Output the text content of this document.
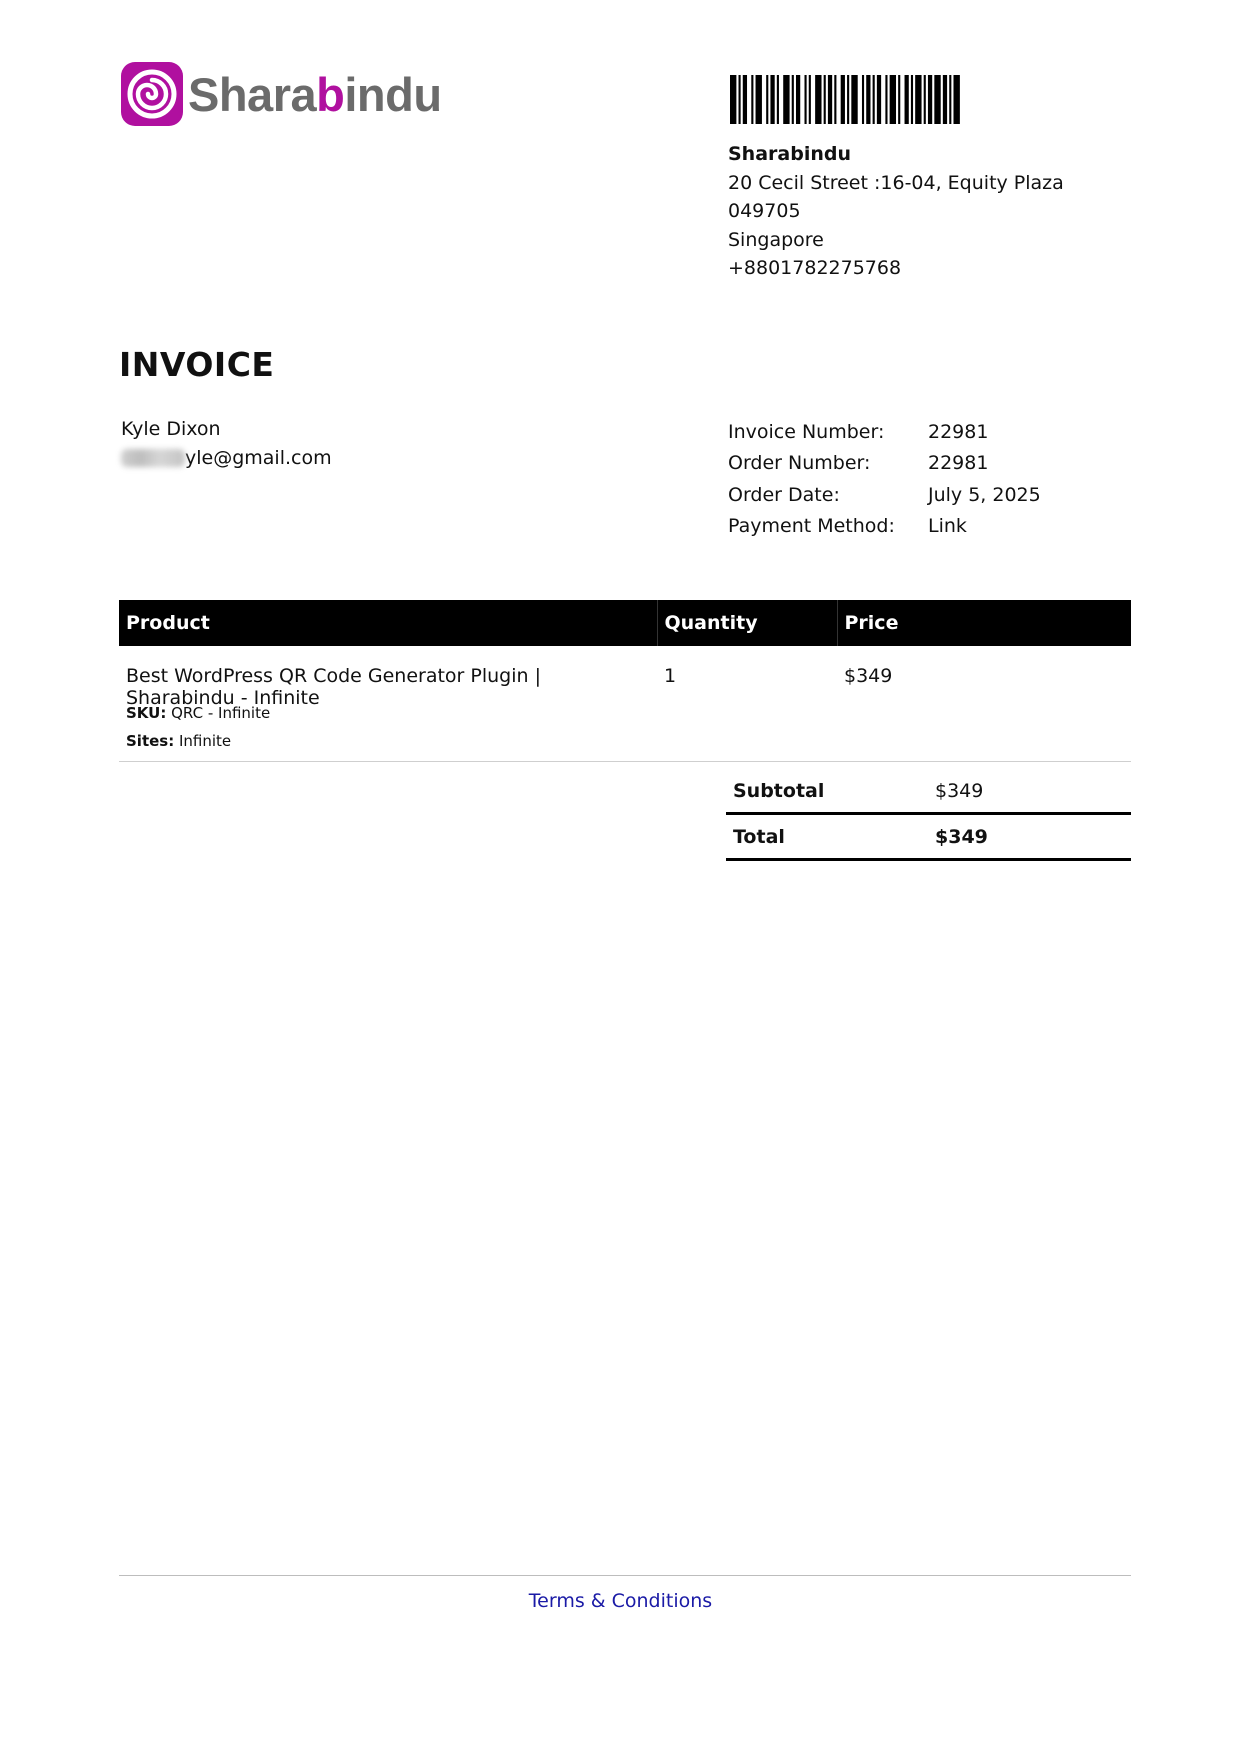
Sharabindu
Sharabindu
20 Cecil Street :16-04, Equity Plaza
049705
Singapore
+8801782275768
INVOICE
Kyle Dixon
yle@gmail.com
Invoice Number:	22981
Order Number:	22981
Order Date:	July 5, 2025
Payment Method:	Link
Product	Quantity	Price

Best WordPress QR Code Generator Plugin | Sharabindu - Infinite
SKU: QRC - Infinite
Sites: Infinite	1	$349

Subtotal	$349
Total	$349
Terms & Conditions
